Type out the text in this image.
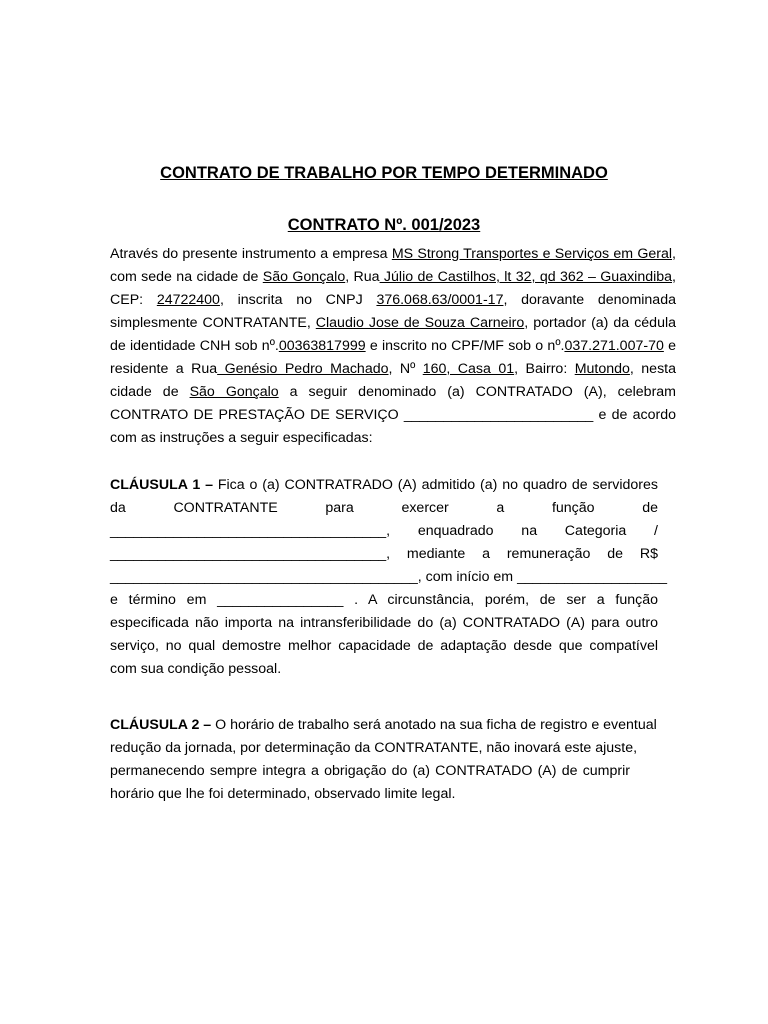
CONTRATO DE TRABALHO POR TEMPO DETERMINADO
CONTRATO Nº. 001/2023
Através do presente instrumento a empresa MS Strong Transportes e Serviços em Geral,
com sede na cidade de São Gonçalo, Rua Júlio de Castilhos, lt 32, qd 362 – Guaxindiba,
CEP: 24722400, inscrita no CNPJ 376.068.63/0001-17, doravante denominada
simplesmente CONTRATANTE, Claudio Jose de Souza Carneiro, portador (a) da cédula
de identidade CNH sob nº.00363817999 e inscrito no CPF/MF sob o nº.037.271.007-70 e
residente a Rua Genésio Pedro Machado, Nº 160, Casa 01, Bairro: Mutondo, nesta
cidade de São Gonçalo a seguir denominado (a) CONTRATADO (A), celebram
CONTRATO DE PRESTAÇÃO DE SERVIÇO ________________________ e de acordo
com as instruções a seguir especificadas:
CLÁUSULA 1 – Fica o (a) CONTRATRADO (A) admitido (a) no quadro de servidores
da CONTRATANTE para exercer a função de
___________________________________, enquadrado na Categoria /
___________________________________, mediante a remuneração de R$
_______________________________________, com início em ___________________
e término em ________________ . A circunstância, porém, de ser a função
especificada não importa na intransferibilidade do (a) CONTRATADO (A) para outro
serviço, no qual demostre melhor capacidade de adaptação desde que compatível
com sua condição pessoal.
CLÁUSULA 2 – O horário de trabalho será anotado na sua ficha de registro e eventual
redução da jornada, por determinação da CONTRATANTE, não inovará este ajuste,
permanecendo sempre integra a obrigação do (a) CONTRATADO (A) de cumprir
horário que lhe foi determinado, observado limite legal.
